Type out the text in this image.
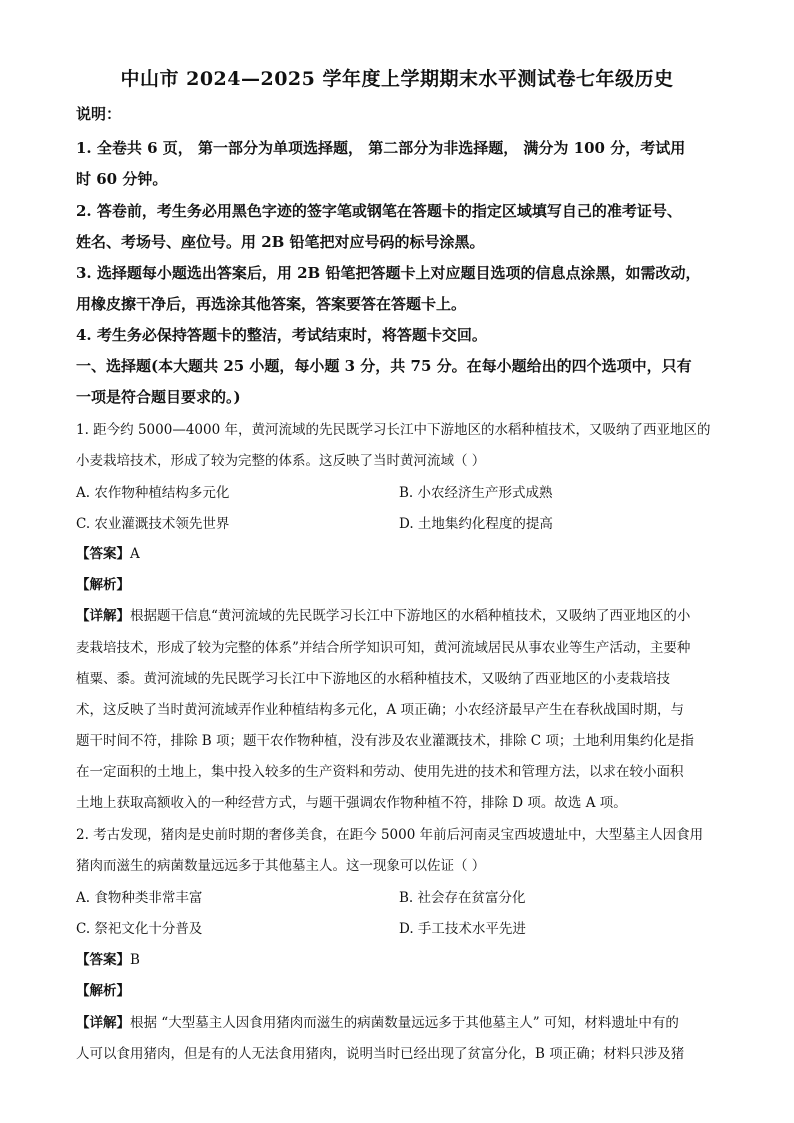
中山市 2024—2025 学年度上学期期末水平测试卷七年级历史
说明：
1. 全卷共 6 页， 第一部分为单项选择题， 第二部分为非选择题， 满分为 100 分，考试用
时 60 分钟。
2. 答卷前，考生务必用黑色字迹的签字笔或钢笔在答题卡的指定区域填写自己的准考证号、
姓名、考场号、座位号。用 2B 铅笔把对应号码的标号涂黑。
3. 选择题每小题选出答案后，用 2B 铅笔把答题卡上对应题目选项的信息点涂黑，如需改动，
用橡皮擦干净后，再选涂其他答案，答案要答在答题卡上。
4. 考生务必保持答题卡的整洁，考试结束时，将答题卡交回。
一、选择题(本大题共 25 小题，每小题 3 分，共 75 分。在每小题给出的四个选项中，只有
一项是符合题目要求的。)
1. 距今约 5000—4000 年，黄河流域的先民既学习长江中下游地区的水稻种植技术，又吸纳了西亚地区的
小麦栽培技术，形成了较为完整的体系。这反映了当时黄河流域（ ）
A. 农作物种植结构多元化	B. 小农经济生产形式成熟
C. 农业灌溉技术领先世界	D. 土地集约化程度的提高
【答案】A
【解析】
【详解】根据题干信息“黄河流域的先民既学习长江中下游地区的水稻种植技术，又吸纳了西亚地区的小
麦栽培技术，形成了较为完整的体系”并结合所学知识可知，黄河流域居民从事农业等生产活动，主要种
植粟、黍。黄河流域的先民既学习长江中下游地区的水稻种植技术，又吸纳了西亚地区的小麦栽培技
术，这反映了当时黄河流域弄作业种植结构多元化，A 项正确；小农经济最早产生在春秋战国时期，与
题干时间不符，排除 B 项；题干农作物种植，没有涉及农业灌溉技术，排除 C 项；土地利用集约化是指
在一定面积的土地上，集中投入较多的生产资料和劳动、使用先进的技术和管理方法，以求在较小面积
土地上获取高额收入的一种经营方式，与题干强调农作物种植不符，排除 D 项。故选 A 项。
2. 考古发现，猪肉是史前时期的奢侈美食，在距今 5000 年前后河南灵宝西坡遗址中，大型墓主人因食用
猪肉而滋生的病菌数量远远多于其他墓主人。这一现象可以佐证（ ）
A. 食物种类非常丰富	B. 社会存在贫富分化
C. 祭祀文化十分普及	D. 手工技术水平先进
【答案】B
【解析】
【详解】根据 “大型墓主人因食用猪肉而滋生的病菌数量远远多于其他墓主人” 可知，材料遗址中有的
人可以食用猪肉，但是有的人无法食用猪肉，说明当时已经出现了贫富分化，B 项正确；材料只涉及猪
